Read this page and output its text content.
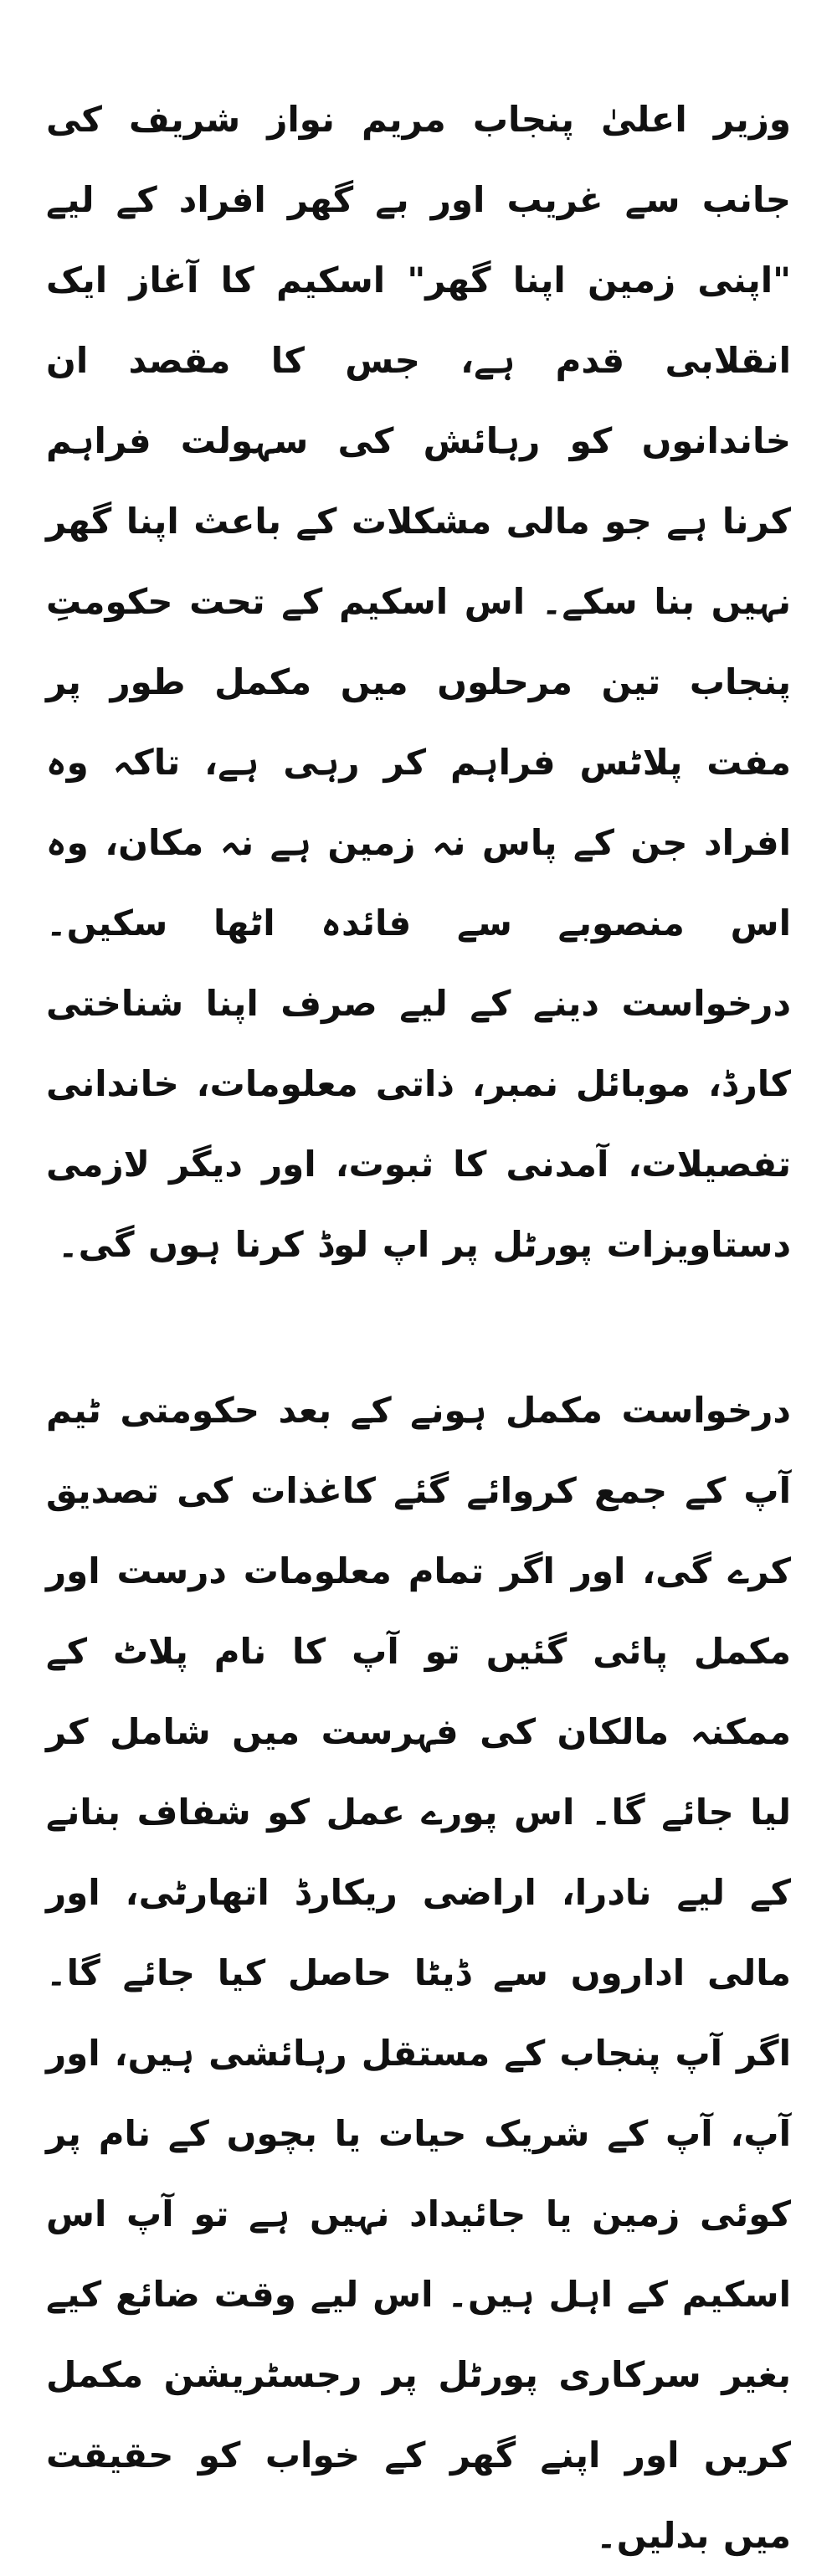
وزیر اعلیٰ پنجاب مریم نواز شریف کی جانب سے غریب اور بے گھر افراد کے لیے "اپنی زمین اپنا گھر" اسکیم کا آغاز ایک انقلابی قدم ہے، جس کا مقصد ان خاندانوں کو رہائش کی سہولت فراہم کرنا ہے جو مالی مشکلات کے باعث اپنا گھر نہیں بنا سکے۔ اس اسکیم کے تحت حکومتِ پنجاب تین مرحلوں میں مکمل طور پر مفت پلاٹس فراہم کر رہی ہے، تاکہ وہ افراد جن کے پاس نہ زمین ہے نہ مکان، وہ اس منصوبے سے فائدہ اٹھا سکیں۔ درخواست دینے کے لیے صرف اپنا شناختی کارڈ، موبائل نمبر، ذاتی معلومات، خاندانی تفصیلات، آمدنی کا ثبوت، اور دیگر لازمی دستاویزات پورٹل پر اپ لوڈ کرنا ہوں گی۔

درخواست مکمل ہونے کے بعد حکومتی ٹیم آپ کے جمع کروائے گئے کاغذات کی تصدیق کرے گی، اور اگر تمام معلومات درست اور مکمل پائی گئیں تو آپ کا نام پلاٹ کے ممکنہ مالکان کی فہرست میں شامل کر لیا جائے گا۔ اس پورے عمل کو شفاف بنانے کے لیے نادرا، اراضی ریکارڈ اتھارٹی، اور مالی اداروں سے ڈیٹا حاصل کیا جائے گا۔ اگر آپ پنجاب کے مستقل رہائشی ہیں، اور آپ، آپ کے شریک حیات یا بچوں کے نام پر کوئی زمین یا جائیداد نہیں ہے تو آپ اس اسکیم کے اہل ہیں۔ اس لیے وقت ضائع کیے بغیر سرکاری پورٹل پر رجسٹریشن مکمل کریں اور اپنے گھر کے خواب کو حقیقت میں بدلیں۔
